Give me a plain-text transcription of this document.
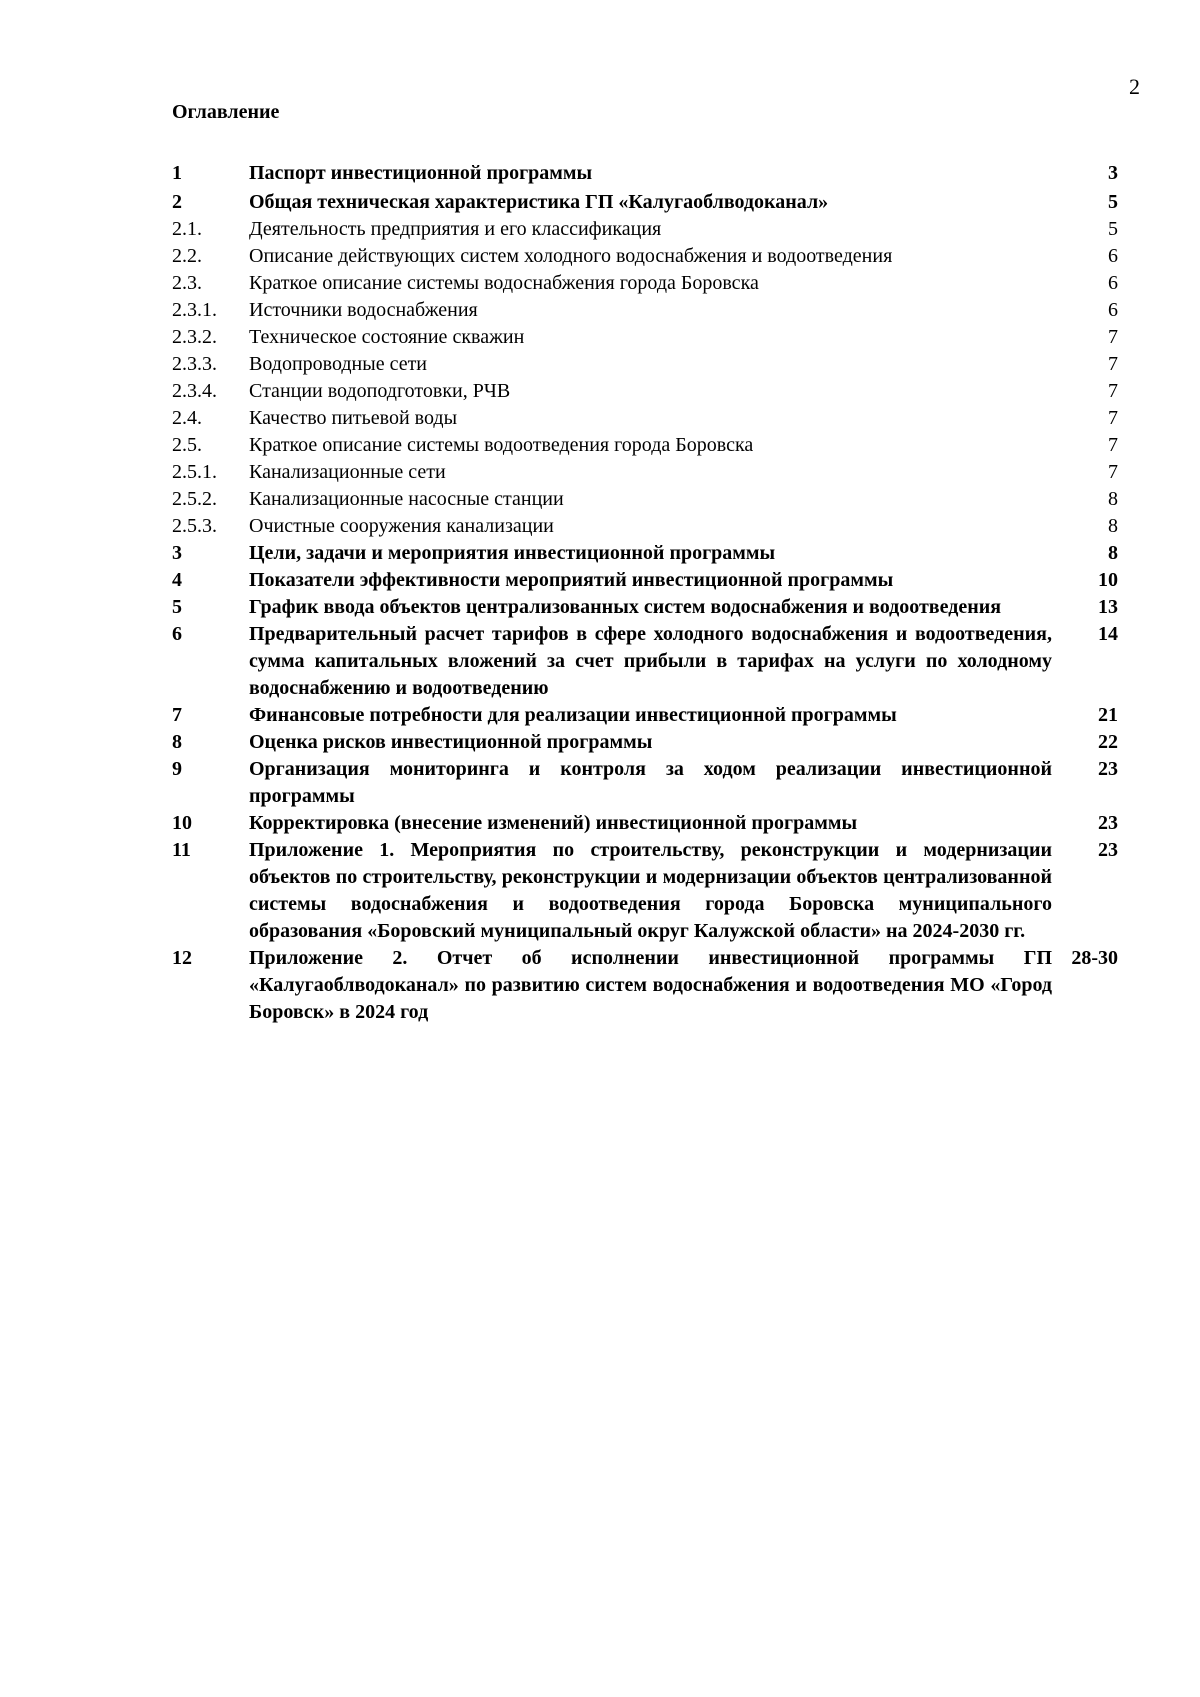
2
Оглавление
1	Паспорт инвестиционной программы	3
2	Общая техническая характеристика ГП «Калугаоблводоканал»	5
2.1.	Деятельность предприятия и его классификация	5
2.2.	Описание действующих систем холодного водоснабжения и водоотведения	6
2.3.	Краткое описание системы водоснабжения города Боровска	6
2.3.1.	Источники водоснабжения	6
2.3.2.	Техническое состояние скважин	7
2.3.3.	Водопроводные сети	7
2.3.4.	Станции водоподготовки, РЧВ	7
2.4.	Качество питьевой воды	7
2.5.	Краткое описание системы водоотведения города Боровска	7
2.5.1.	Канализационные сети	7
2.5.2.	Канализационные насосные станции	8
2.5.3.	Очистные сооружения канализации	8
3	Цели, задачи и мероприятия инвестиционной программы	8
4	Показатели эффективности мероприятий инвестиционной программы	10
5	График ввода объектов централизованных систем водоснабжения и водоотведения	13
6	Предварительный расчет тарифов в сфере холодного водоснабжения и водоотведения, сумма капитальных вложений за счет прибыли в тарифах на услуги по холодному водоснабжению и водоотведению	14
7	Финансовые потребности для реализации инвестиционной программы	21
8	Оценка рисков инвестиционной программы	22
9	Организация мониторинга и контроля за ходом реализации инвестиционной программы	23
10	Корректировка (внесение изменений) инвестиционной программы	23
11	Приложение 1. Мероприятия по строительству, реконструкции и модернизации объектов по строительству, реконструкции и модернизации объектов централизованной системы водоснабжения и водоотведения города Боровска муниципального образования «Боровский муниципальный округ Калужской области» на 2024-2030 гг.	23
12	Приложение 2. Отчет об исполнении инвестиционной программы ГП «Калугаоблводоканал» по развитию систем водоснабжения и водоотведения МО «Город Боровск» в 2024 год	28-30
